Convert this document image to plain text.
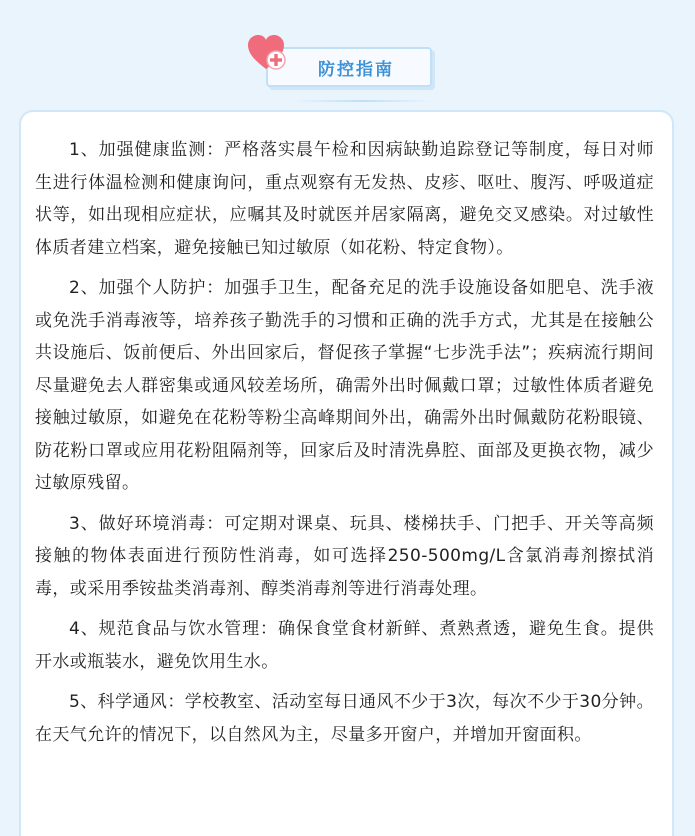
防控指南

1、加强健康监测：严格落实晨午检和因病缺勤追踪登记等制度，每日对师生进行体温检测和健康询问，重点观察有无发热、皮疹、呕吐、腹泻、呼吸道症状等，如出现相应症状，应嘱其及时就医并居家隔离，避免交叉感染。对过敏性体质者建立档案，避免接触已知过敏原（如花粉、特定食物）。

2、加强个人防护：加强手卫生，配备充足的洗手设施设备如肥皂、洗手液或免洗手消毒液等，培养孩子勤洗手的习惯和正确的洗手方式，尤其是在接触公共设施后、饭前便后、外出回家后，督促孩子掌握“七步洗手法”；疾病流行期间尽量避免去人群密集或通风较差场所，确需外出时佩戴口罩；过敏性体质者避免接触过敏原，如避免在花粉等粉尘高峰期间外出，确需外出时佩戴防花粉眼镜、防花粉口罩或应用花粉阻隔剂等，回家后及时清洗鼻腔、面部及更换衣物，减少过敏原残留。

3、做好环境消毒：可定期对课桌、玩具、楼梯扶手、门把手、开关等高频接触的物体表面进行预防性消毒，如可选择250-500mg/L含氯消毒剂擦拭消毒，或采用季铵盐类消毒剂、醇类消毒剂等进行消毒处理。

4、规范食品与饮水管理：确保食堂食材新鲜、煮熟煮透，避免生食。提供开水或瓶装水，避免饮用生水。

5、科学通风：学校教室、活动室每日通风不少于3次，每次不少于30分钟。在天气允许的情况下，以自然风为主，尽量多开窗户，并增加开窗面积。
